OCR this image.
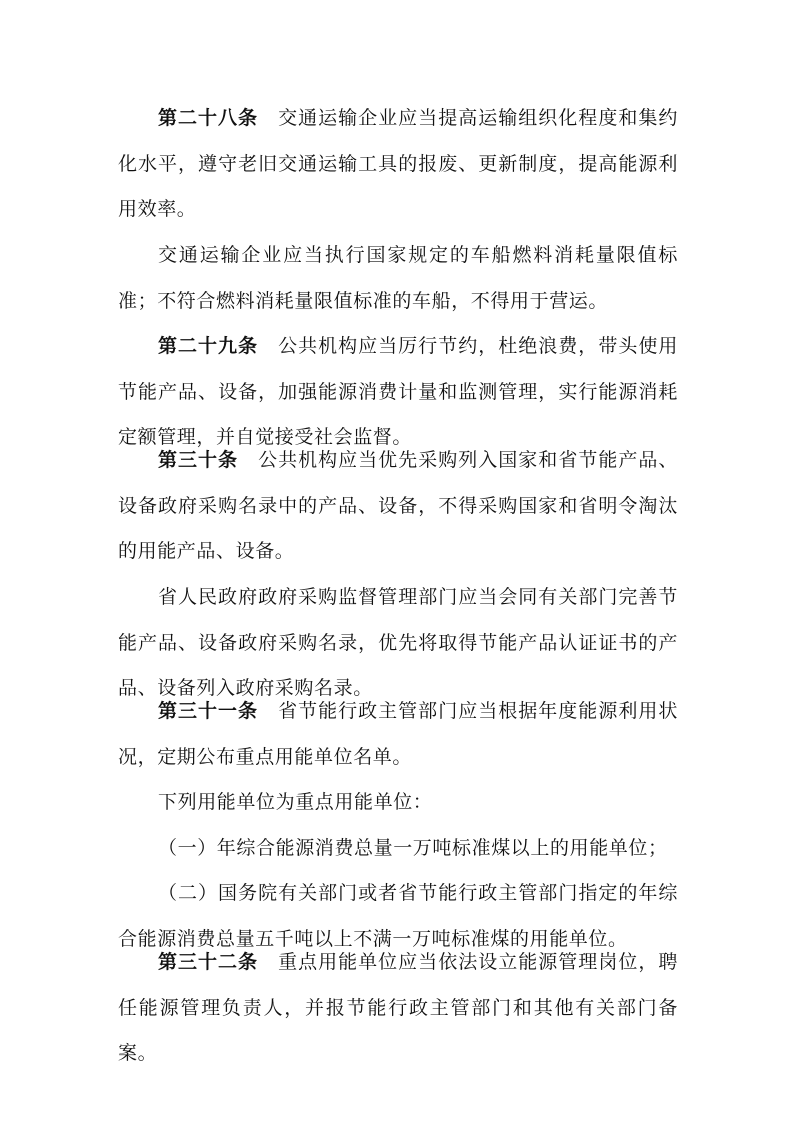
第二十八条 交通运输企业应当提高运输组织化程度和集约化水平，遵守老旧交通运输工具的报废、更新制度，提高能源利用效率。

交通运输企业应当执行国家规定的车船燃料消耗量限值标准；不符合燃料消耗量限值标准的车船，不得用于营运。

第二十九条 公共机构应当厉行节约，杜绝浪费，带头使用节能产品、设备，加强能源消费计量和监测管理，实行能源消耗定额管理，并自觉接受社会监督。

第三十条 公共机构应当优先采购列入国家和省节能产品、设备政府采购名录中的产品、设备，不得采购国家和省明令淘汰的用能产品、设备。

省人民政府政府采购监督管理部门应当会同有关部门完善节能产品、设备政府采购名录，优先将取得节能产品认证证书的产品、设备列入政府采购名录。

第三十一条 省节能行政主管部门应当根据年度能源利用状况，定期公布重点用能单位名单。

下列用能单位为重点用能单位：

（一）年综合能源消费总量一万吨标准煤以上的用能单位；

（二）国务院有关部门或者省节能行政主管部门指定的年综合能源消费总量五千吨以上不满一万吨标准煤的用能单位。

第三十二条 重点用能单位应当依法设立能源管理岗位，聘任能源管理负责人，并报节能行政主管部门和其他有关部门备案。
